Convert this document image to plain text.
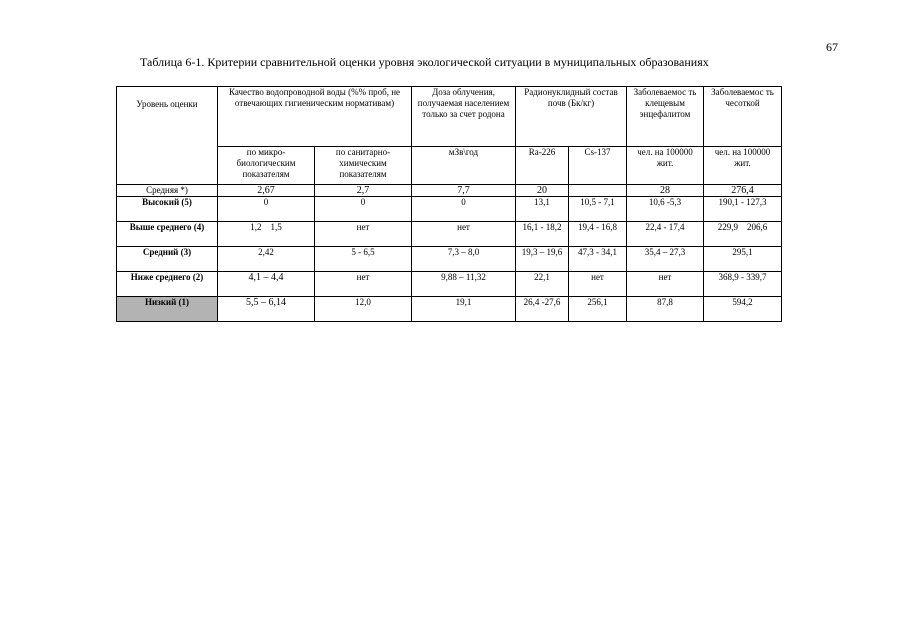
67
Таблица 6-1. Критерии сравнительной оценки уровня экологической ситуации в муниципальных образованиях
Уровень оценки	Качество водопроводной воды (%% проб, не отвечающих гигиеническим нормативам)		Доза облучения, получаемая населением только за счет родона	Радионуклидный состав почв (Бк/кг)		Заболеваемос ть клещевым энцефалитом	Заболеваемос ть чесоткой
	по микро-биологическим показателям	по санитарно-химическим показателям	мЗв\год	Ra-226	Cs-137	чел. на 100000 жит.	чел. на 100000 жит.
Средняя *)	2,67	2,7	7,7	20		28	276,4
Высокий (5)	0	0	0	13,1	10,5 - 7,1	10,6 -5,3	190,1 - 127,3
Выше среднего (4)	1,2    1,5	нет	нет	16,1 - 18,2	19,4 - 16,8	22,4 - 17,4	229,9    206,6
Средний (3)	2,42	5 - 6,5	7,3 – 8,0	19,3 – 19,6	47,3 - 34,1	35,4 – 27,3	295,1
Ниже среднего (2)	4,1 – 4,4	нет	9,88 – 11,32	22,1	нет	нет	368,9 - 339,7
Низкий (1)	5,5 – 6,14	12,0	19,1	26,4 -27,6	256,1	87,8	594,2
